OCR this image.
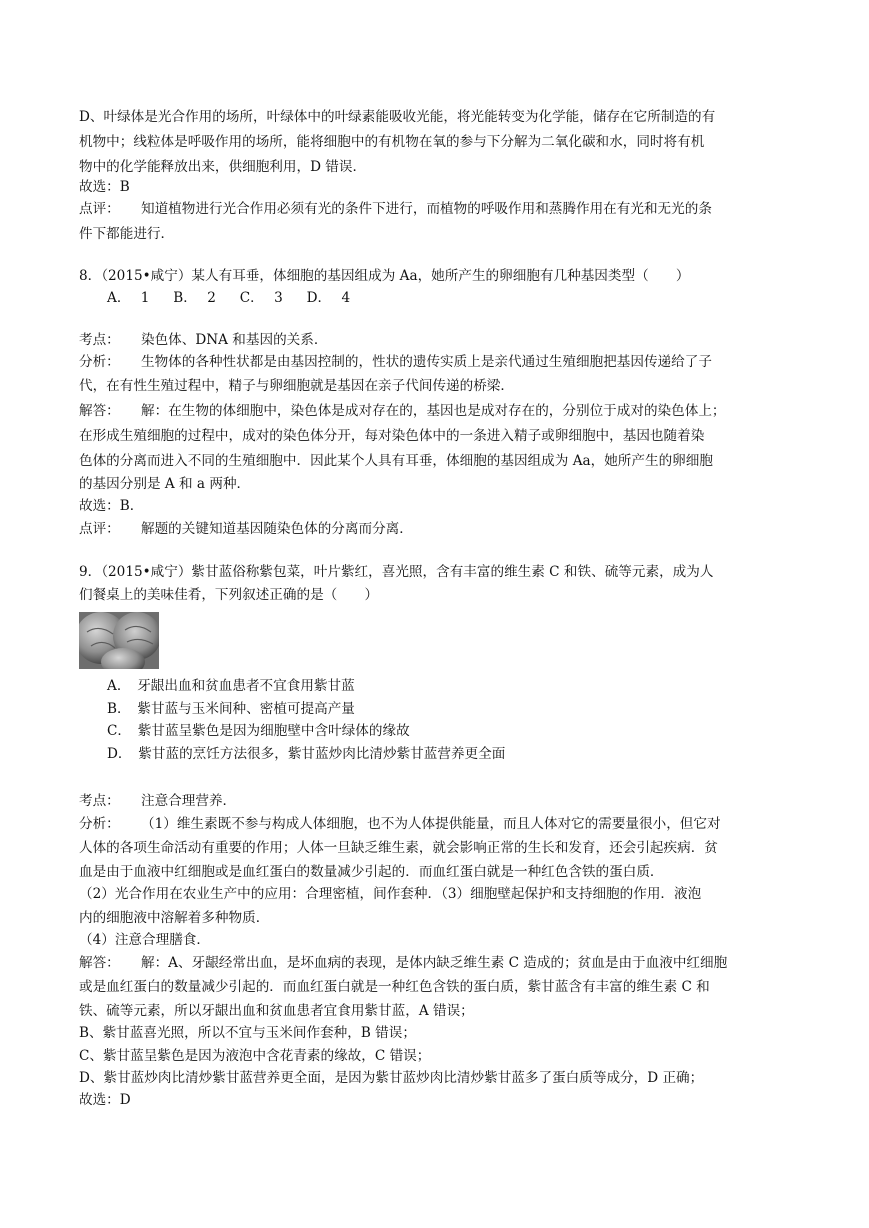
D、叶绿体是光合作用的场所，叶绿体中的叶绿素能吸收光能，将光能转变为化学能，储存在它所制造的有
机物中；线粒体是呼吸作用的场所，能将细胞中的有机物在氧的参与下分解为二氧化碳和水，同时将有机
物中的化学能释放出来，供细胞利用，D 错误．
故选：B
点评： 知道植物进行光合作用必须有光的条件下进行，而植物的呼吸作用和蒸腾作用在有光和无光的条
件下都能进行．
8．（2015•咸宁）某人有耳垂，体细胞的基因组成为 Aa，她所产生的卵细胞有几种基因类型（　　）
A． 1　 B． 2　 C． 3　 D． 4
考点： 染色体、DNA 和基因的关系．
分析： 生物体的各种性状都是由基因控制的，性状的遗传实质上是亲代通过生殖细胞把基因传递给了子
代，在有性生殖过程中，精子与卵细胞就是基因在亲子代间传递的桥梁．
解答： 解：在生物的体细胞中，染色体是成对存在的，基因也是成对存在的，分别位于成对的染色体上；
在形成生殖细胞的过程中，成对的染色体分开，每对染色体中的一条进入精子或卵细胞中，基因也随着染
色体的分离而进入不同的生殖细胞中．因此某个人具有耳垂，体细胞的基因组成为 Aa，她所产生的卵细胞
的基因分别是 A 和 a 两种．
故选：B．
点评： 解题的关键知道基因随染色体的分离而分离．
9．（2015•咸宁）紫甘蓝俗称紫包菜，叶片紫红，喜光照，含有丰富的维生素 C 和铁、硫等元素，成为人
们餐桌上的美味佳肴，下列叙述正确的是（　　）
A．　牙龈出血和贫血患者不宜食用紫甘蓝
B．　紫甘蓝与玉米间种、密植可提高产量
C．　紫甘蓝呈紫色是因为细胞壁中含叶绿体的缘故
D．　紫甘蓝的烹饪方法很多，紫甘蓝炒肉比清炒紫甘蓝营养更全面
考点： 注意合理营养．
分析： （1）维生素既不参与构成人体细胞，也不为人体提供能量，而且人体对它的需要量很小，但它对
人体的各项生命活动有重要的作用；人体一旦缺乏维生素，就会影响正常的生长和发育，还会引起疾病．贫
血是由于血液中红细胞或是血红蛋白的数量减少引起的．而血红蛋白就是一种红色含铁的蛋白质．
（2）光合作用在农业生产中的应用：合理密植，间作套种．（3）细胞壁起保护和支持细胞的作用．液泡
内的细胞液中溶解着多种物质．
（4）注意合理膳食．
解答： 解：A、牙龈经常出血，是坏血病的表现，是体内缺乏维生素 C 造成的；贫血是由于血液中红细胞
或是血红蛋白的数量减少引起的．而血红蛋白就是一种红色含铁的蛋白质，紫甘蓝含有丰富的维生素 C 和
铁、硫等元素，所以牙龈出血和贫血患者宜食用紫甘蓝，A 错误；
B、紫甘蓝喜光照，所以不宜与玉米间作套种，B 错误；
C、紫甘蓝呈紫色是因为液泡中含花青素的缘故，C 错误；
D、紫甘蓝炒肉比清炒紫甘蓝营养更全面，是因为紫甘蓝炒肉比清炒紫甘蓝多了蛋白质等成分，D 正确；
故选：D
